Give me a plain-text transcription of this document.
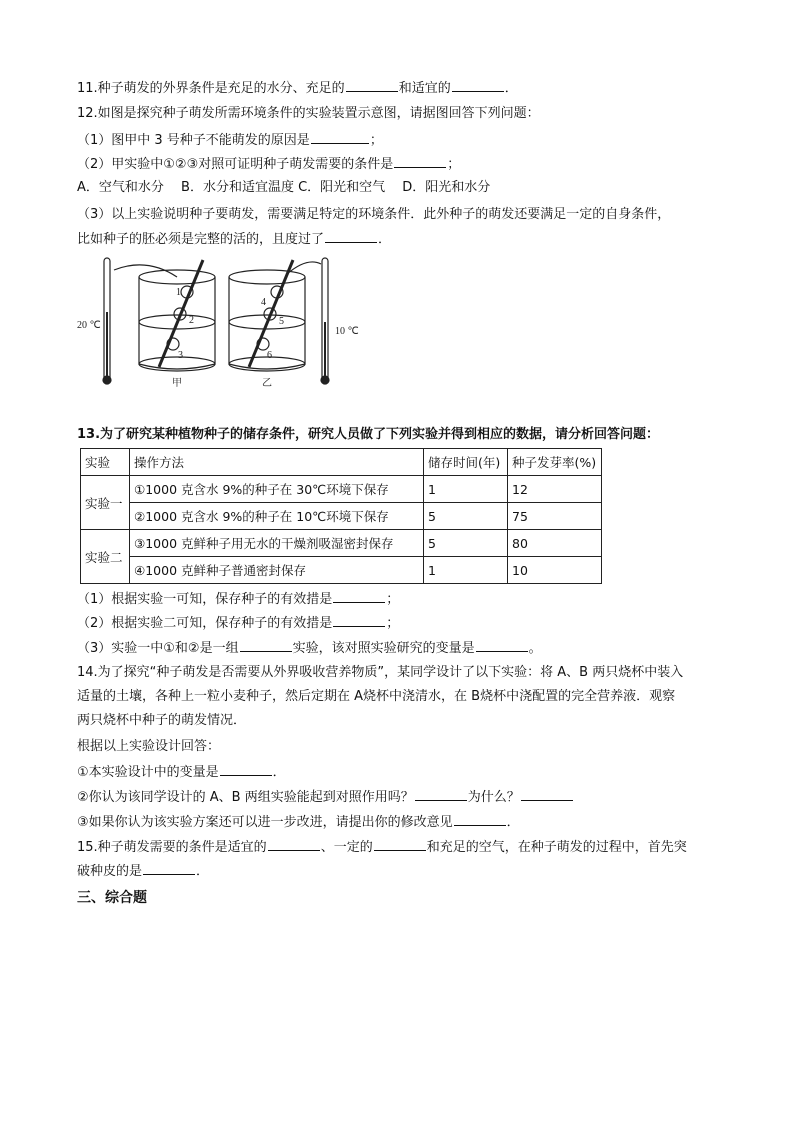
11.种子萌发的外界条件是充足的水分、充足的	和适宜的	．
12.如图是探究种子萌发所需环境条件的实验装置示意图，请据图回答下列问题：
（1）图甲中 3 号种子不能萌发的原因是	；
（2）甲实验中①②③对照可证明种子萌发需要的条件是	；
A．空气和水分　 B．水分和适宜温度 C．阳光和空气　 D．阳光和水分
（3）以上实验说明种子要萌发，需要满足特定的环境条件．此外种子的萌发还要满足一定的自身条件，
比如种子的胚必须是完整的活的，且度过了	．
20 ℃
10 ℃
甲	乙
1
2
3
4
5
6
13.为了研究某种植物种子的储存条件，研究人员做了下列实验并得到相应的数据，请分析回答问题：
实验	操作方法	储存时间(年)	种子发芽率(%)
实验一	①1000 克含水 9%的种子在 30℃环境下保存	1	12
	②1000 克含水 9%的种子在 10℃环境下保存	5	75
实验二	③1000 克鲜种子用无水的干燥剂吸湿密封保存	5	80
	④1000 克鲜种子普通密封保存	1	10
（1）根据实验一可知，保存种子的有效措是	；
（2）根据实验二可知，保存种子的有效措是	；
（3）实验一中①和②是一组	实验，该对照实验研究的变量是	。
14.为了探究“种子萌发是否需要从外界吸收营养物质”，某同学设计了以下实验：将 A、B 两只烧杯中装入
适量的土壤，各种上一粒小麦种子，然后定期在 A烧杯中浇清水，在 B烧杯中浇配置的完全营养液．观察
两只烧杯中种子的萌发情况．
根据以上实验设计回答：
①本实验设计中的变量是	．
②你认为该同学设计的 A、B 两组实验能起到对照作用吗？	为什么？
③如果你认为该实验方案还可以进一步改进，请提出你的修改意见	．
15.种子萌发需要的条件是适宜的	、一定的	和充足的空气，在种子萌发的过程中，首先突
破种皮的是	．
三、综合题
